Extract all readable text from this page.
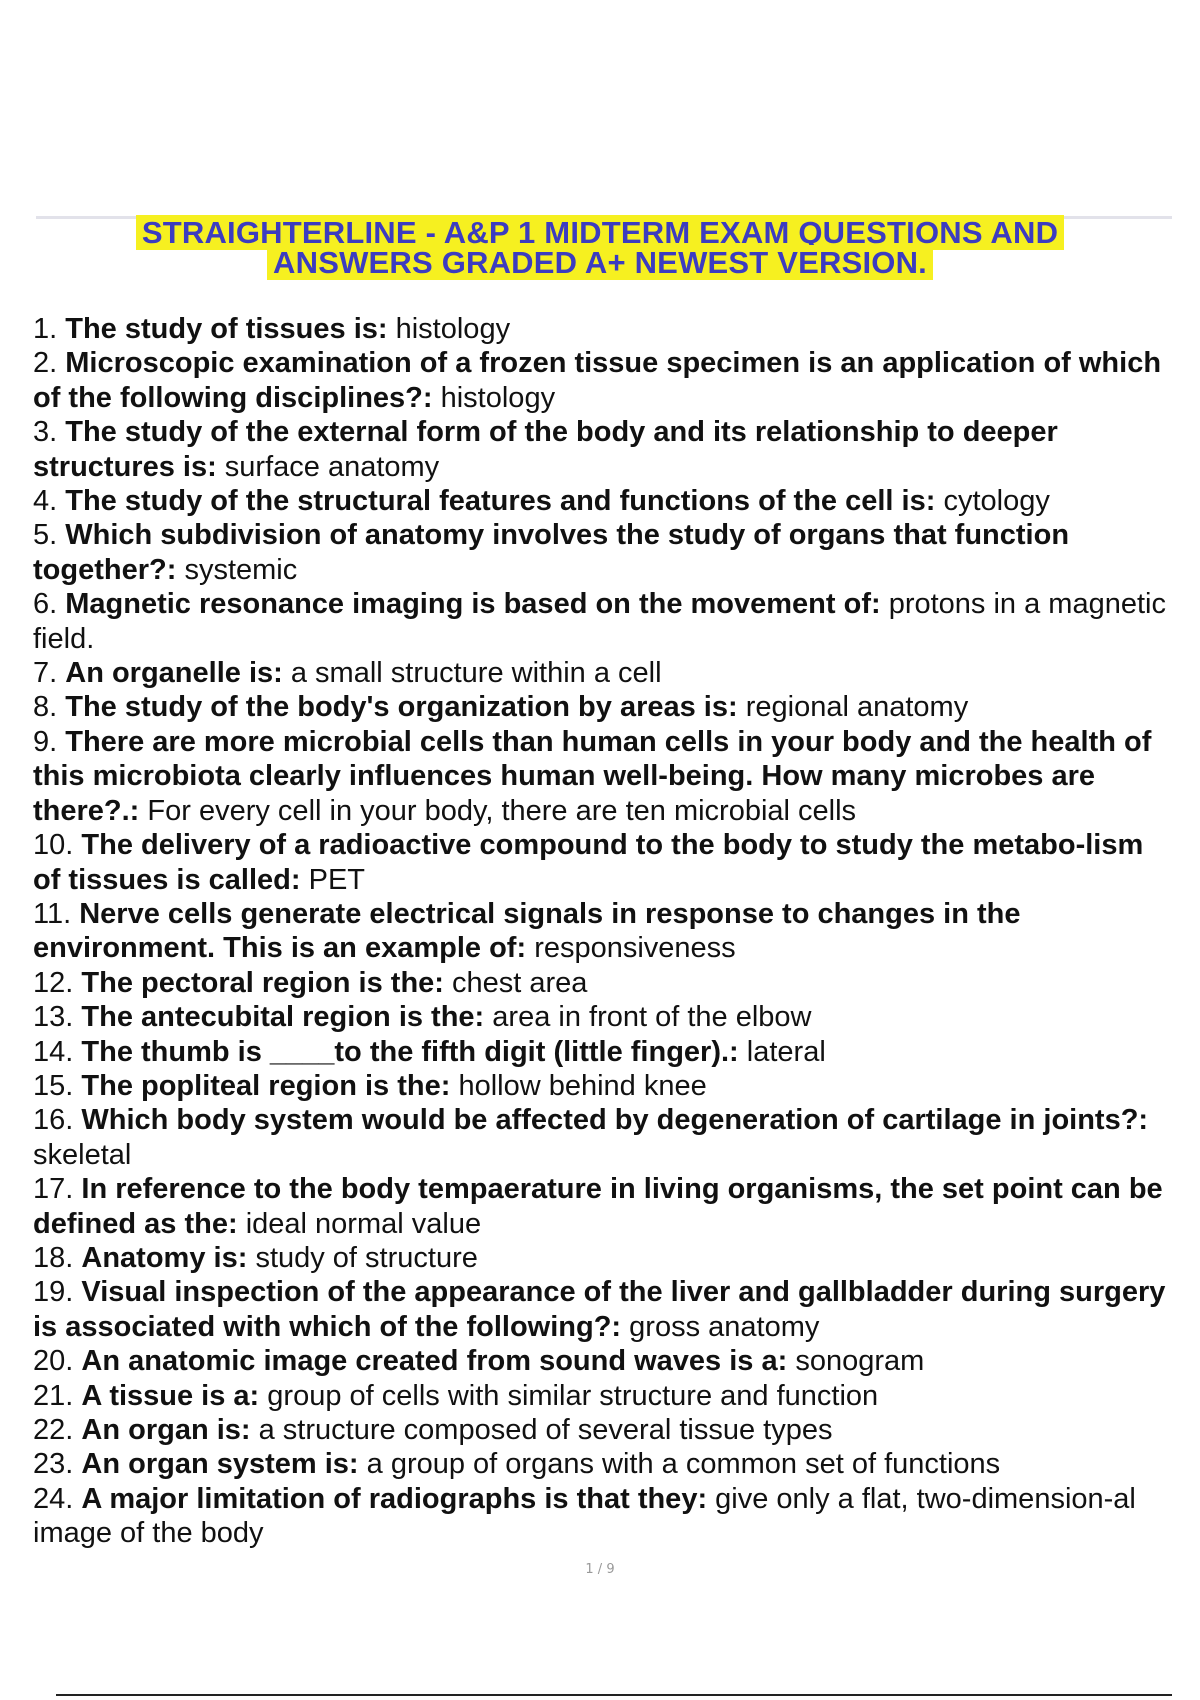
STRAIGHTERLINE - A&P 1 MIDTERM EXAM QUESTIONS AND ANSWERS GRADED A+ NEWEST VERSION.
1. The study of tissues is: histology
2. Microscopic examination of a frozen tissue specimen is an application of which of the following disciplines?: histology
3. The study of the external form of the body and its relationship to deeper structures is: surface anatomy
4. The study of the structural features and functions of the cell is: cytology
5. Which subdivision of anatomy involves the study of organs that function together?: systemic
6. Magnetic resonance imaging is based on the movement of: protons in a magnetic field.
7. An organelle is: a small structure within a cell
8. The study of the body's organization by areas is: regional anatomy
9. There are more microbial cells than human cells in your body and the health of this microbiota clearly influences human well-being. How many microbes are there?.: For every cell in your body, there are ten microbial cells
10. The delivery of a radioactive compound to the body to study the metabo-lism of tissues is called: PET
11. Nerve cells generate electrical signals in response to changes in the environment. This is an example of: responsiveness
12. The pectoral region is the: chest area
13. The antecubital region is the: area in front of the elbow
14. The thumb is ____to the fifth digit (little finger).: lateral
15. The popliteal region is the: hollow behind knee
16. Which body system would be affected by degeneration of cartilage in joints?: skeletal
17. In reference to the body tempaerature in living organisms, the set point can be defined as the: ideal normal value
18. Anatomy is: study of structure
19. Visual inspection of the appearance of the liver and gallbladder during surgery is associated with which of the following?: gross anatomy
20. An anatomic image created from sound waves is a: sonogram
21. A tissue is a: group of cells with similar structure and function
22. An organ is: a structure composed of several tissue types
23. An organ system is: a group of organs with a common set of functions
24. A major limitation of radiographs is that they: give only a flat, two-dimension-al image of the body
1 / 9
